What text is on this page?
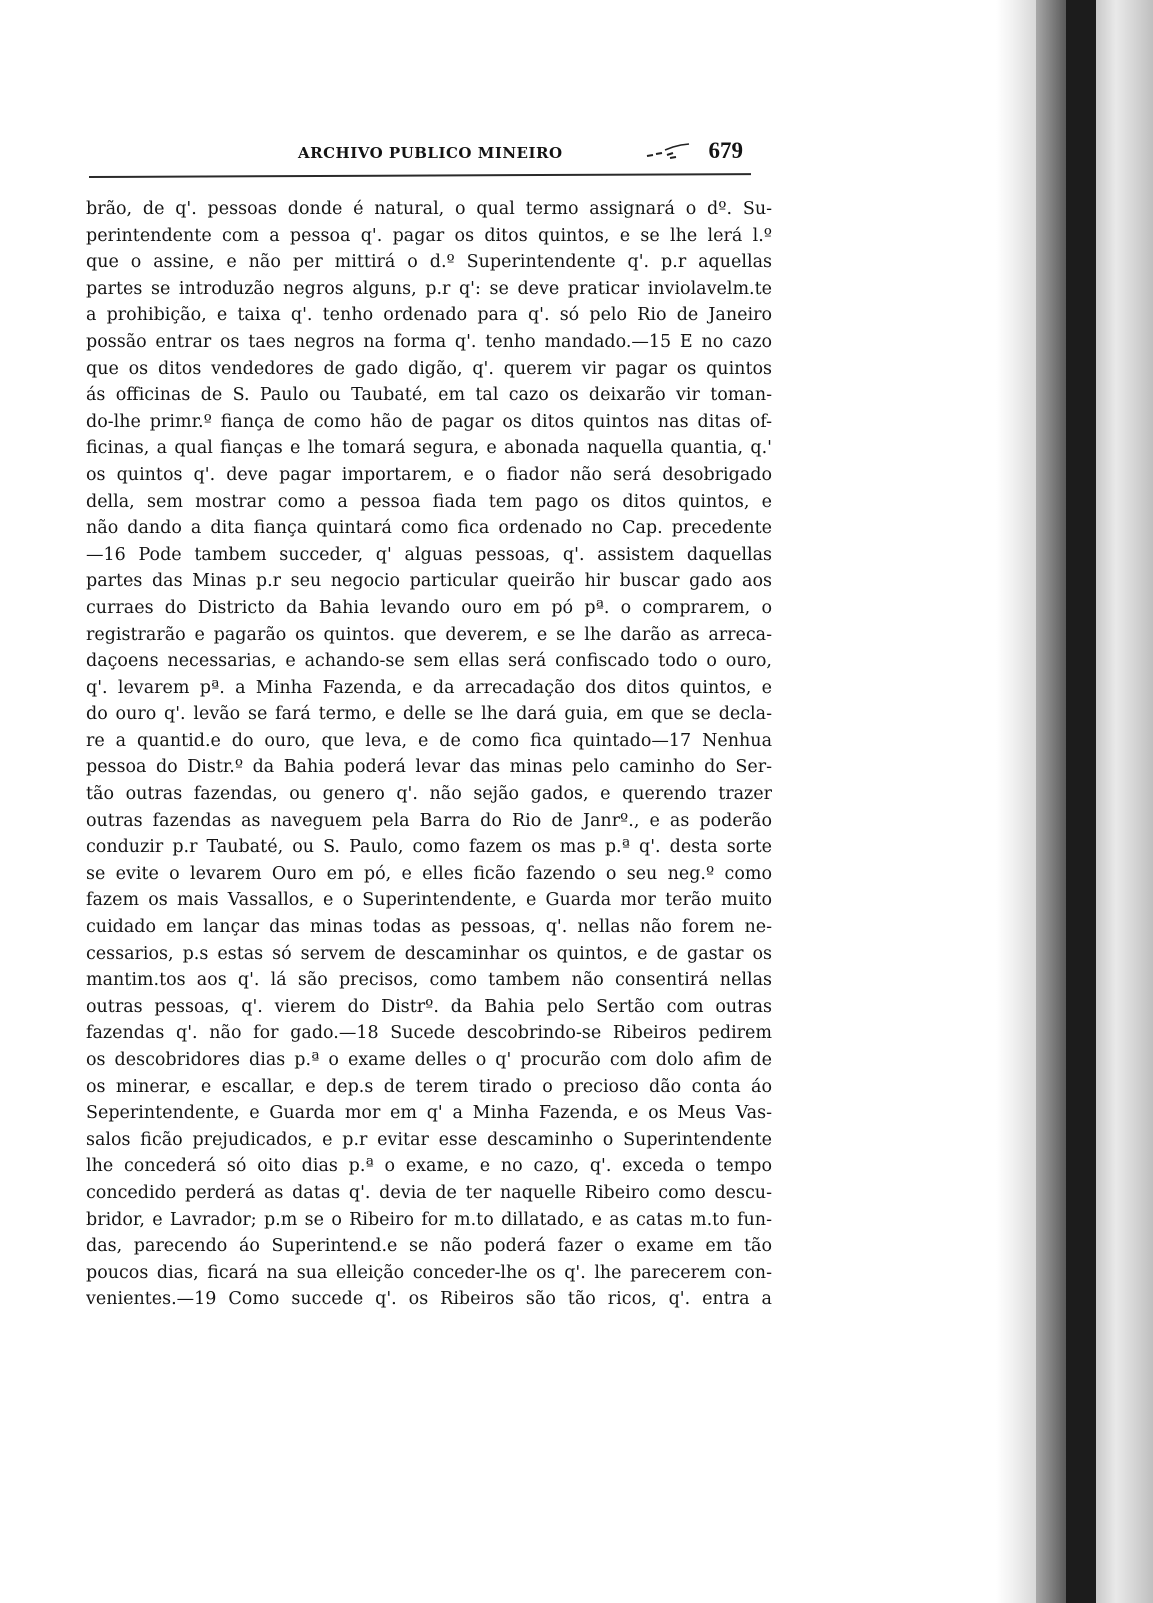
ARCHIVO PUBLICO MINEIRO	679
brão, de q'. pessoas donde é natural, o qual termo assignará o dº. Su-
perintendente com a pessoa q'. pagar os ditos quintos, e se lhe lerá l.º
que o assine, e não per mittirá o d.º Superintendente q'. p.r aquellas
partes se introduzão negros alguns, p.r q': se deve praticar inviolavelm.te
a prohibição, e taixa q'. tenho ordenado para q'. só pelo Rio de Janeiro
possão entrar os taes negros na forma q'. tenho mandado.—15 E no cazo
que os ditos vendedores de gado digão, q'. querem vir pagar os quintos
ás officinas de S. Paulo ou Taubaté, em tal cazo os deixarão vir toman-
do-lhe primr.º fiança de como hão de pagar os ditos quintos nas ditas of-
ficinas, a qual fianças e lhe tomará segura, e abonada naquella quantia, q.'
os quintos q'. deve pagar importarem, e o fiador não será desobrigado
della, sem mostrar como a pessoa fiada tem pago os ditos quintos, e
não dando a dita fiança quintará como fica ordenado no Cap. precedente
—16 Pode tambem succeder, q' alguas pessoas, q'. assistem daquellas
partes das Minas p.r seu negocio particular queirão hir buscar gado aos
curraes do Districto da Bahia levando ouro em pó pª. o comprarem, o
registrarão e pagarão os quintos. que deverem, e se lhe darão as arreca-
daçoens necessarias, e achando-se sem ellas será confiscado todo o ouro,
q'. levarem pª. a Minha Fazenda, e da arrecadação dos ditos quintos, e
do ouro q'. levão se fará termo, e delle se lhe dará guia, em que se decla-
re a quantid.e do ouro, que leva, e de como fica quintado—17 Nenhua
pessoa do Distr.º da Bahia poderá levar das minas pelo caminho do Ser-
tão outras fazendas, ou genero q'. não sejão gados, e querendo trazer
outras fazendas as naveguem pela Barra do Rio de Janrº., e as poderão
conduzir p.r Taubaté, ou S. Paulo, como fazem os mas p.ª q'. desta sorte
se evite o levarem Ouro em pó, e elles ficão fazendo o seu neg.º como
fazem os mais Vassallos, e o Superintendente, e Guarda mor terão muito
cuidado em lançar das minas todas as pessoas, q'. nellas não forem ne-
cessarios, p.s estas só servem de descaminhar os quintos, e de gastar os
mantim.tos aos q'. lá são precisos, como tambem não consentirá nellas
outras pessoas, q'. vierem do Distrº. da Bahia pelo Sertão com outras
fazendas q'. não for gado.—18 Sucede descobrindo-se Ribeiros pedirem
os descobridores dias p.ª o exame delles o q' procurão com dolo afim de
os minerar, e escallar, e dep.s de terem tirado o precioso dão conta áo
Seperintendente, e Guarda mor em q' a Minha Fazenda, e os Meus Vas-
salos ficão prejudicados, e p.r evitar esse descaminho o Superintendente
lhe concederá só oito dias p.ª o exame, e no cazo, q'. exceda o tempo
concedido perderá as datas q'. devia de ter naquelle Ribeiro como descu-
bridor, e Lavrador; p.m se o Ribeiro for m.to dillatado, e as catas m.to fun-
das, parecendo áo Superintend.e se não poderá fazer o exame em tão
poucos dias, ficará na sua elleição conceder-lhe os q'. lhe parecerem con-
venientes.—19 Como succede q'. os Ribeiros são tão ricos, q'. entra a
